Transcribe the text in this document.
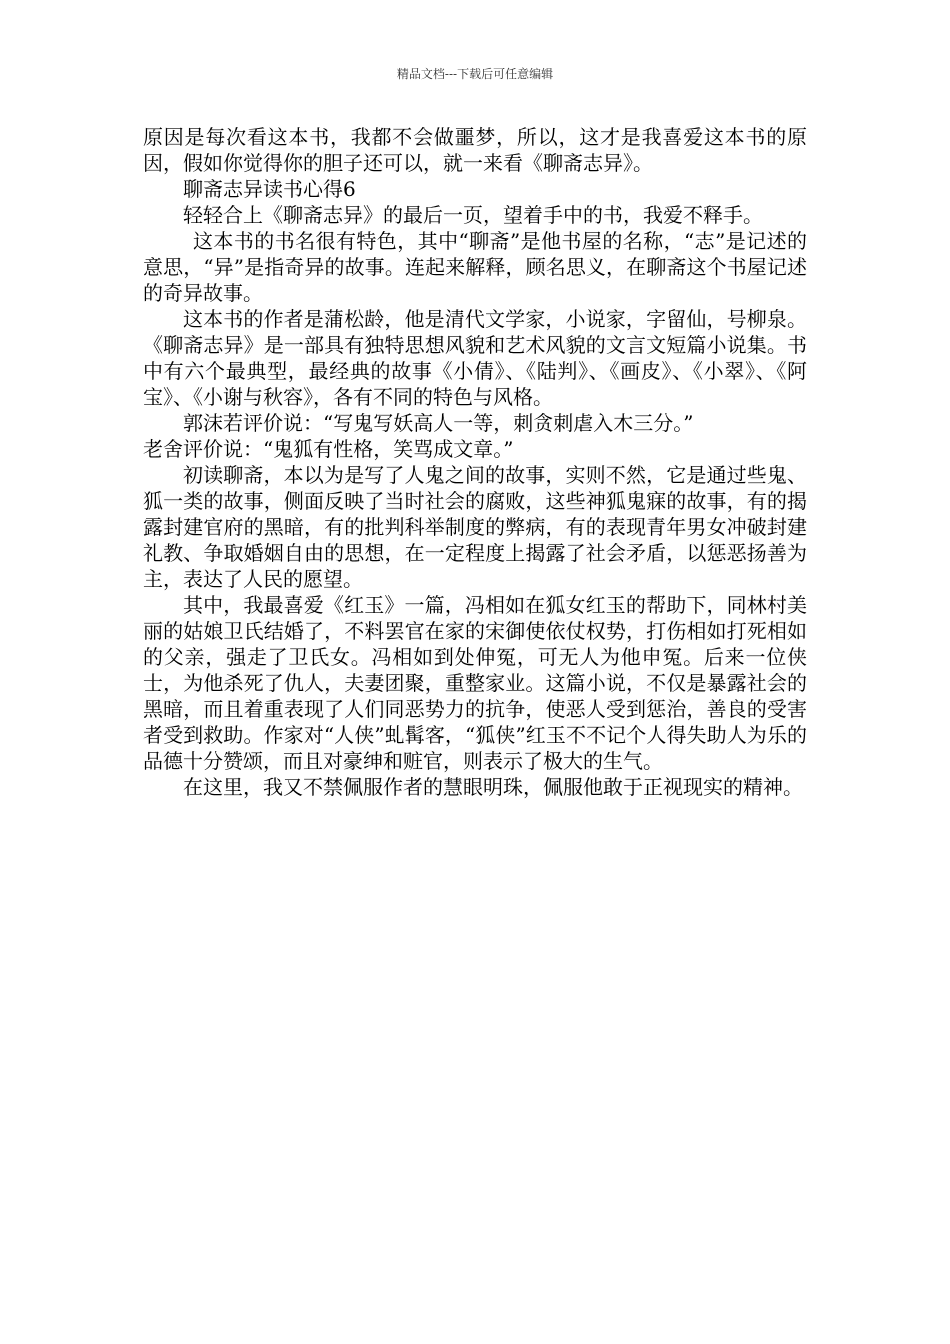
精品文档---下载后可任意编辑

原因是每次看这本书，我都不会做噩梦，所以，这才是我喜爱这本书的原因，假如你觉得你的胆子还可以，就一来看《聊斋志异》。

聊斋志异读书心得6

轻轻合上《聊斋志异》的最后一页，望着手中的书，我爱不释手。

这本书的书名很有特色，其中“聊斋”是他书屋的名称，“志”是记述的意思，“异”是指奇异的故事。连起来解释，顾名思义，在聊斋这个书屋记述的奇异故事。

这本书的作者是蒲松龄，他是清代文学家，小说家，字留仙，号柳泉。《聊斋志异》是一部具有独特思想风貌和艺术风貌的文言文短篇小说集。书中有六个最典型，最经典的故事《小倩》、《陆判》、《画皮》、《小翠》、《阿宝》、《小谢与秋容》，各有不同的特色与风格。

郭沫若评价说：“写鬼写妖高人一等，刺贪刺虐入木三分。”

老舍评价说：“鬼狐有性格，笑骂成文章。”

初读聊斋，本以为是写了人鬼之间的故事，实则不然，它是通过些鬼、狐一类的故事，侧面反映了当时社会的腐败，这些神狐鬼寐的故事，有的揭露封建官府的黑暗，有的批判科举制度的弊病，有的表现青年男女冲破封建礼教、争取婚姻自由的思想，在一定程度上揭露了社会矛盾，以惩恶扬善为主，表达了人民的愿望。

其中，我最喜爱《红玉》一篇，冯相如在狐女红玉的帮助下，同林村美丽的姑娘卫氏结婚了，不料罢官在家的宋御使依仗权势，打伤相如打死相如的父亲，强走了卫氏女。冯相如到处伸冤，可无人为他申冤。后来一位侠士，为他杀死了仇人，夫妻团聚，重整家业。这篇小说，不仅是暴露社会的黑暗，而且着重表现了人们同恶势力的抗争，使恶人受到惩治，善良的受害者受到救助。作家对“人侠”虬髯客，“狐侠”红玉不不记个人得失助人为乐的品德十分赞颂，而且对豪绅和赃官，则表示了极大的生气。

在这里，我又不禁佩服作者的慧眼明珠，佩服他敢于正视现实的精神。
